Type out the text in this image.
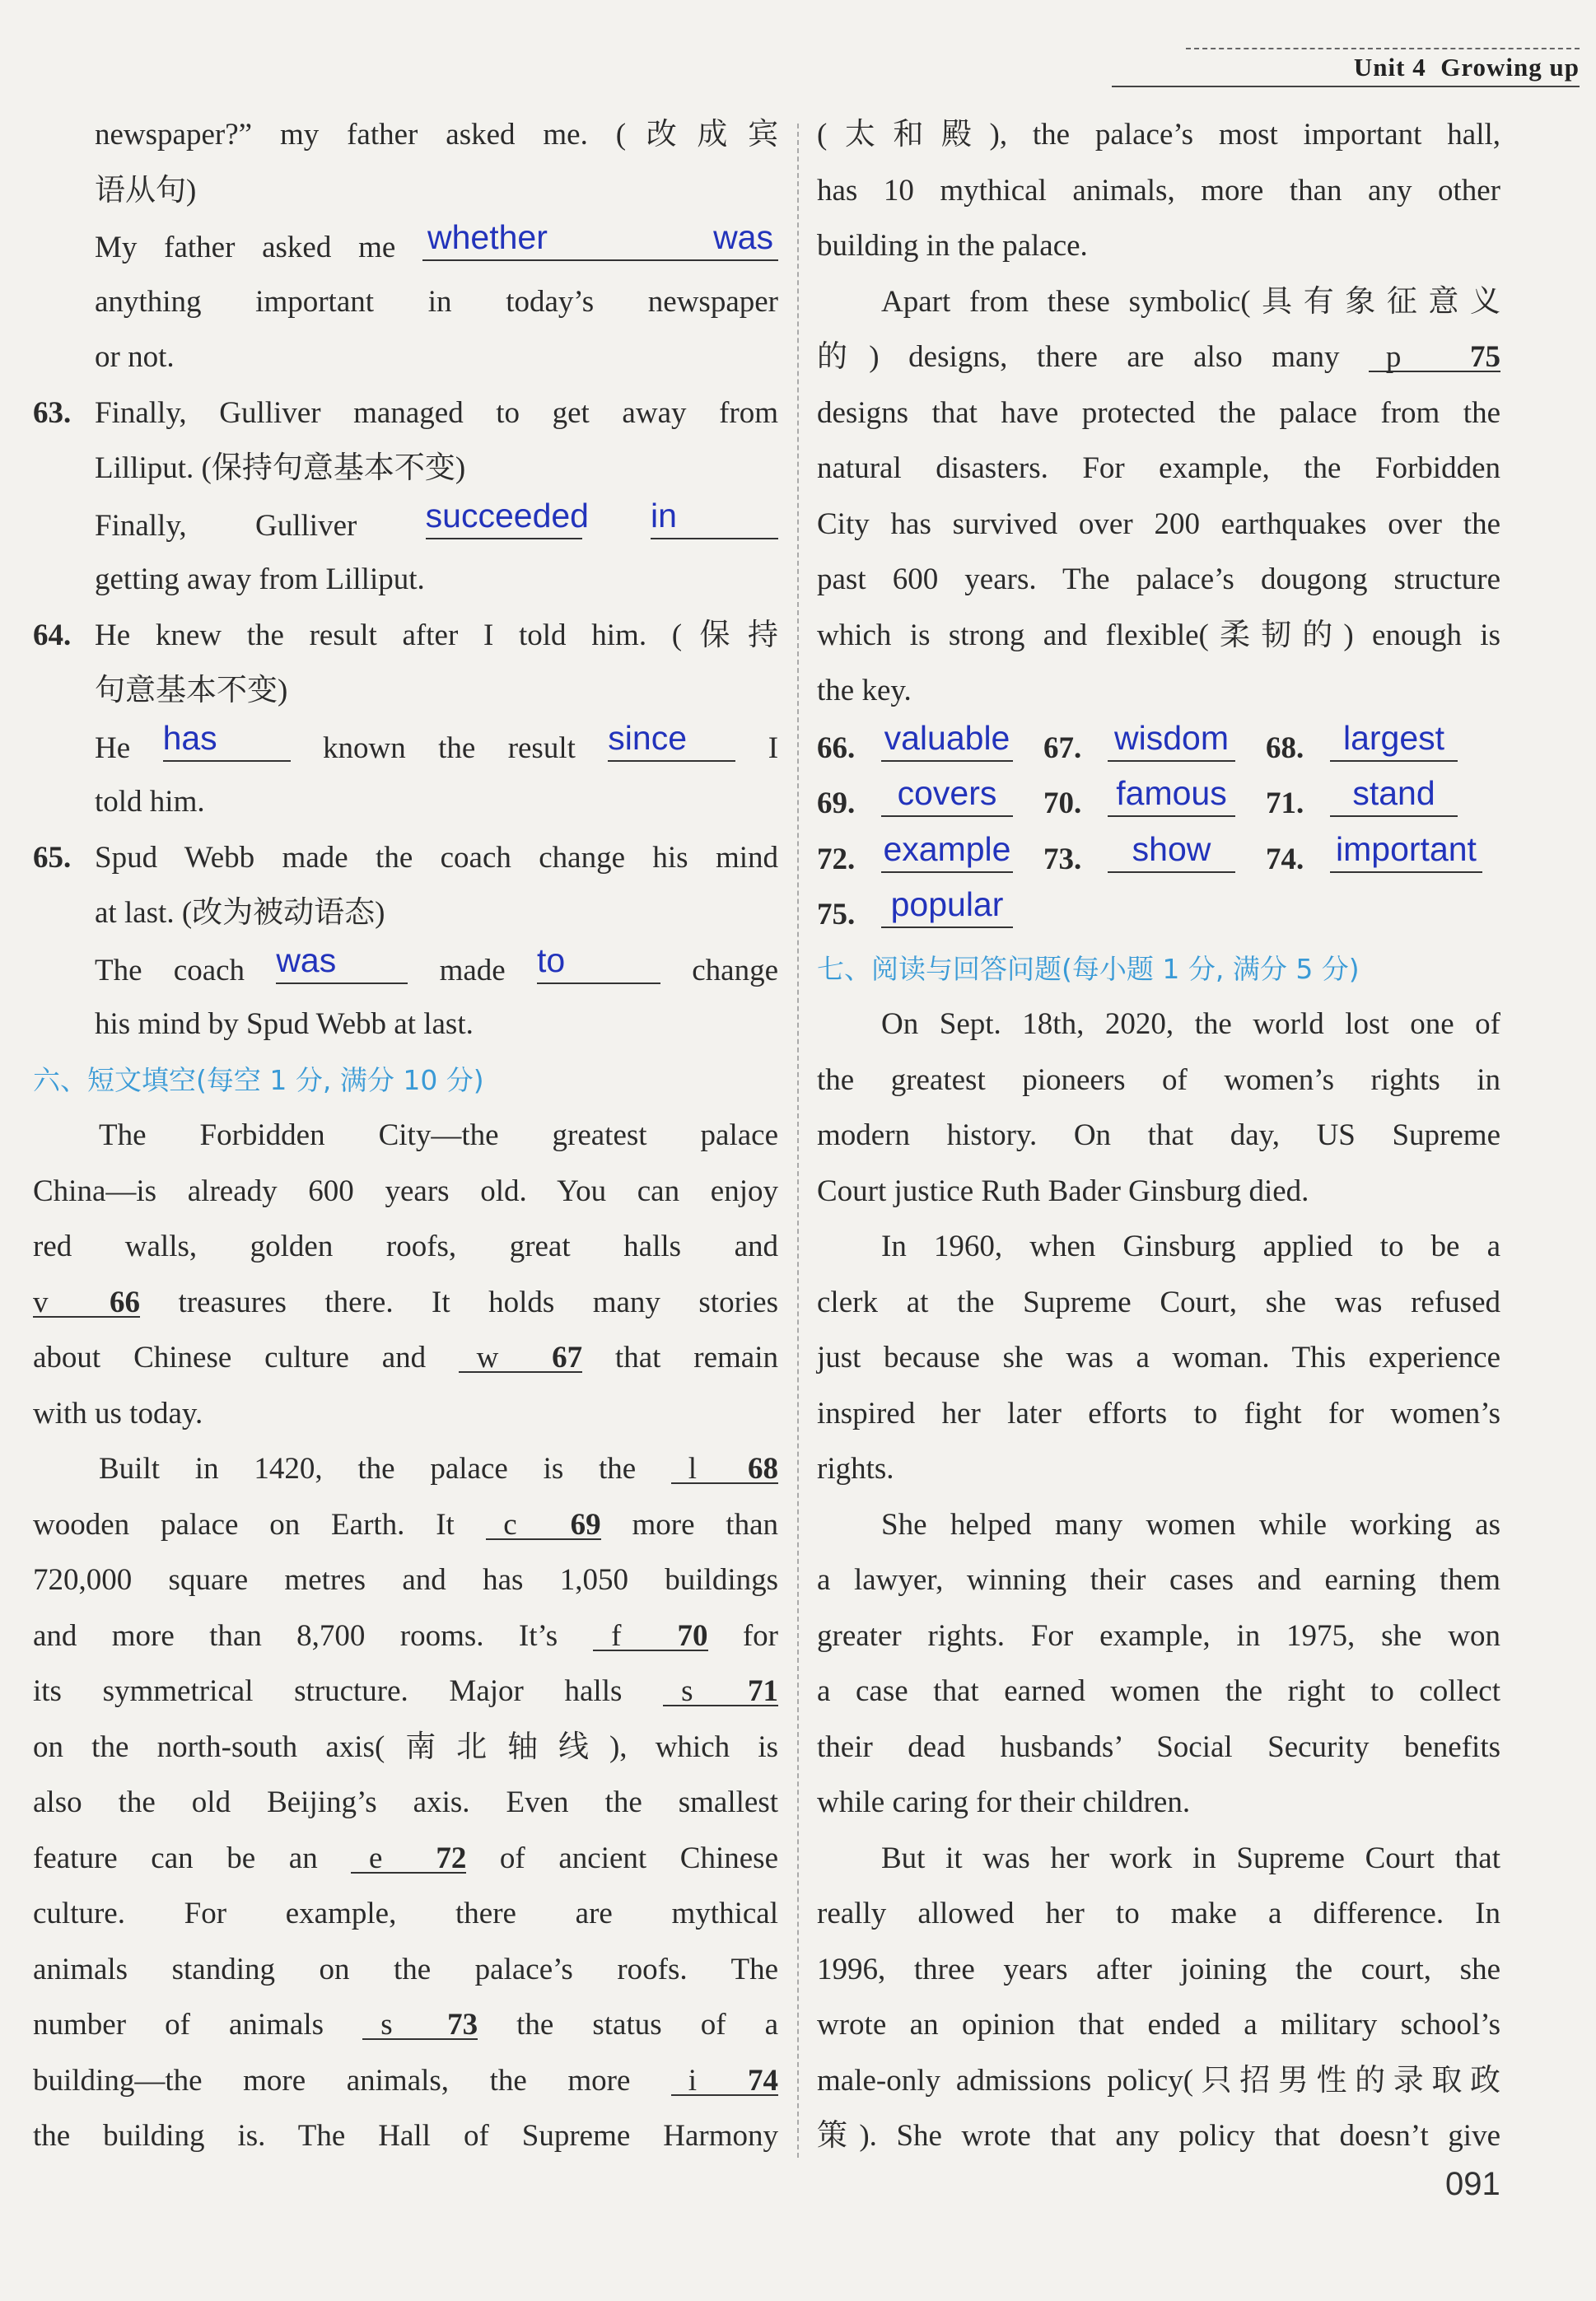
Unit 4 Growing up
newspaper?” my father asked me. (改成宾
语从句)
My father asked me whether	was
anything important in today’s newspaper
or not.
63. Finally, Gulliver managed to get away from
Lilliput. (保持句意基本不变)
Finally, Gulliver succeeded in
getting away from Lilliput.
64. He knew the result after I told him. (保持
句意基本不变)
He has	known the result since	I
told him.
65. Spud Webb made the coach change his mind
at last. (改为被动语态)
The coach was	made to	change
his mind by Spud Webb at last.
六、短文填空(每空 1 分, 满分 10 分)
The Forbidden City—the greatest palace
China—is already 600 years old. You can enjoy
red walls, golden roofs, great halls and
v 66 treasures there. It holds many stories
about Chinese culture and w 67 that remain
with us today.
Built in 1420, the palace is the l 68
wooden palace on Earth. It c 69 more than
720,000 square metres and has 1,050 buildings
and more than 8,700 rooms. It’s f 70 for
its symmetrical structure. Major halls s 71
on the north-south axis(南北轴线), which is
also the old Beijing’s axis. Even the smallest
feature can be an e 72 of ancient Chinese
culture. For example, there are mythical
animals standing on the palace’s roofs. The
number of animals s 73 the status of a
building—the more animals, the more i 74
the building is. The Hall of Supreme Harmony
(太和殿), the palace’s most important hall,
has 10 mythical animals, more than any other
building in the palace.
Apart from these symbolic(具有象征意义
的) designs, there are also many p 75
designs that have protected the palace from the
natural disasters. For example, the Forbidden
City has survived over 200 earthquakes over the
past 600 years. The palace’s dougong structure
which is strong and flexible(柔韧的) enough is
the key.
66. valuable 67. wisdom 68. largest
69. covers	70. famous 71. stand
72. example 73. show	74. important
75. popular
七、阅读与回答问题(每小题 1 分, 满分 5 分)
On Sept. 18th, 2020, the world lost one of
the greatest pioneers of women’s rights in
modern history. On that day, US Supreme
Court justice Ruth Bader Ginsburg died.
In 1960, when Ginsburg applied to be a
clerk at the Supreme Court, she was refused
just because she was a woman. This experience
inspired her later efforts to fight for women’s
rights.
She helped many women while working as
a lawyer, winning their cases and earning them
greater rights. For example, in 1975, she won
a case that earned women the right to collect
their dead husbands’ Social Security benefits
while caring for their children.
But it was her work in Supreme Court that
really allowed her to make a difference. In
1996, three years after joining the court, she
wrote an opinion that ended a military school’s
male-only admissions policy(只招男性的录取政
策). She wrote that any policy that doesn’t give
091
